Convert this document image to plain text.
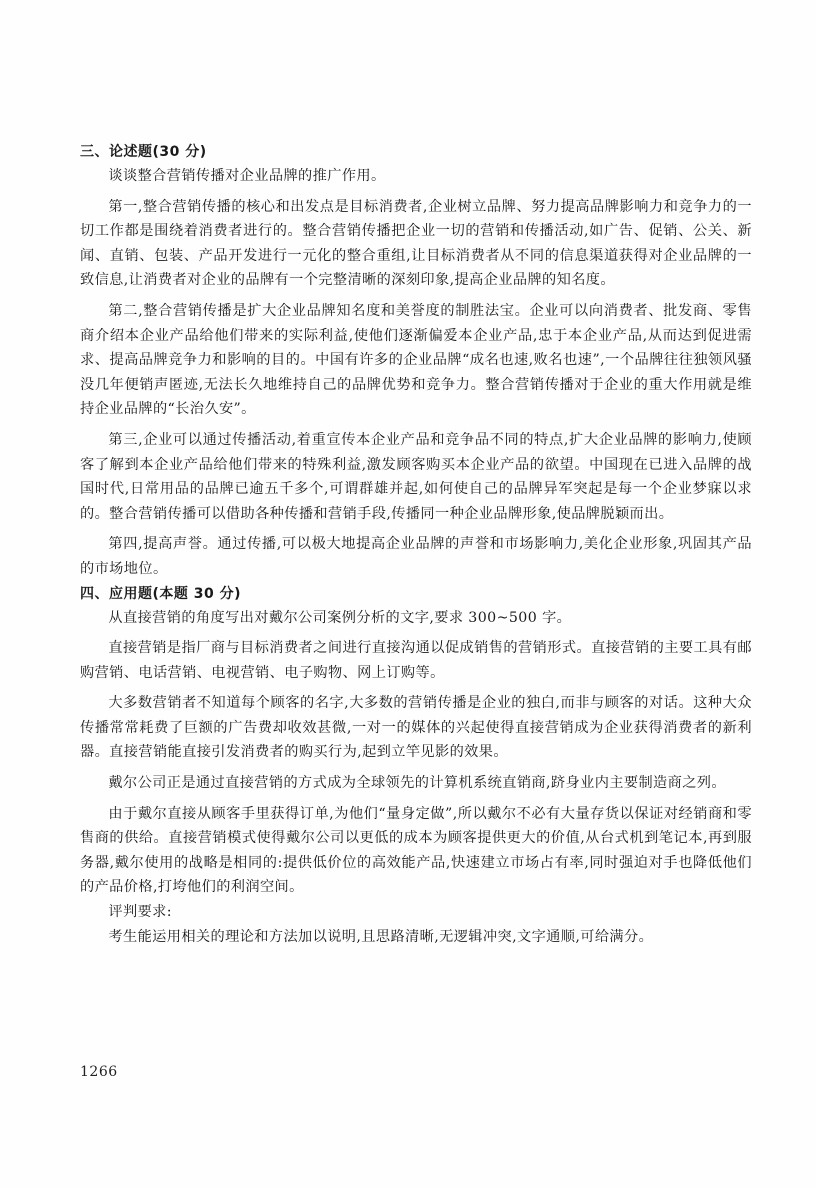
三、论述题(30 分)

谈谈整合营销传播对企业品牌的推广作用。

第一,整合营销传播的核心和出发点是目标消费者,企业树立品牌、努力提高品牌影响力和竞争力的一切工作都是围绕着消费者进行的。整合营销传播把企业一切的营销和传播活动,如广告、促销、公关、新闻、直销、包装、产品开发进行一元化的整合重组,让目标消费者从不同的信息渠道获得对企业品牌的一致信息,让消费者对企业的品牌有一个完整清晰的深刻印象,提高企业品牌的知名度。

第二,整合营销传播是扩大企业品牌知名度和美誉度的制胜法宝。企业可以向消费者、批发商、零售商介绍本企业产品给他们带来的实际利益,使他们逐渐偏爱本企业产品,忠于本企业产品,从而达到促进需求、提高品牌竞争力和影响的目的。中国有许多的企业品牌“成名也速,败名也速”,一个品牌往往独领风骚没几年便销声匿迹,无法长久地维持自己的品牌优势和竞争力。整合营销传播对于企业的重大作用就是维持企业品牌的“长治久安”。

第三,企业可以通过传播活动,着重宣传本企业产品和竞争品不同的特点,扩大企业品牌的影响力,使顾客了解到本企业产品给他们带来的特殊利益,激发顾客购买本企业产品的欲望。中国现在已进入品牌的战国时代,日常用品的品牌已逾五千多个,可谓群雄并起,如何使自己的品牌异军突起是每一个企业梦寐以求的。整合营销传播可以借助各种传播和营销手段,传播同一种企业品牌形象,使品牌脱颖而出。

第四,提高声誉。通过传播,可以极大地提高企业品牌的声誉和市场影响力,美化企业形象,巩固其产品的市场地位。

四、应用题(本题 30 分)

从直接营销的角度写出对戴尔公司案例分析的文字,要求 300~500 字。

直接营销是指厂商与目标消费者之间进行直接沟通以促成销售的营销形式。直接营销的主要工具有邮购营销、电话营销、电视营销、电子购物、网上订购等。

大多数营销者不知道每个顾客的名字,大多数的营销传播是企业的独白,而非与顾客的对话。这种大众传播常常耗费了巨额的广告费却收效甚微,一对一的媒体的兴起使得直接营销成为企业获得消费者的新利器。直接营销能直接引发消费者的购买行为,起到立竿见影的效果。

戴尔公司正是通过直接营销的方式成为全球领先的计算机系统直销商,跻身业内主要制造商之列。

由于戴尔直接从顾客手里获得订单,为他们“量身定做”,所以戴尔不必有大量存货以保证对经销商和零售商的供给。直接营销模式使得戴尔公司以更低的成本为顾客提供更大的价值,从台式机到笔记本,再到服务器,戴尔使用的战略是相同的:提供低价位的高效能产品,快速建立市场占有率,同时强迫对手也降低他们的产品价格,打垮他们的利润空间。

评判要求:

考生能运用相关的理论和方法加以说明,且思路清晰,无逻辑冲突,文字通顺,可给满分。

1266
